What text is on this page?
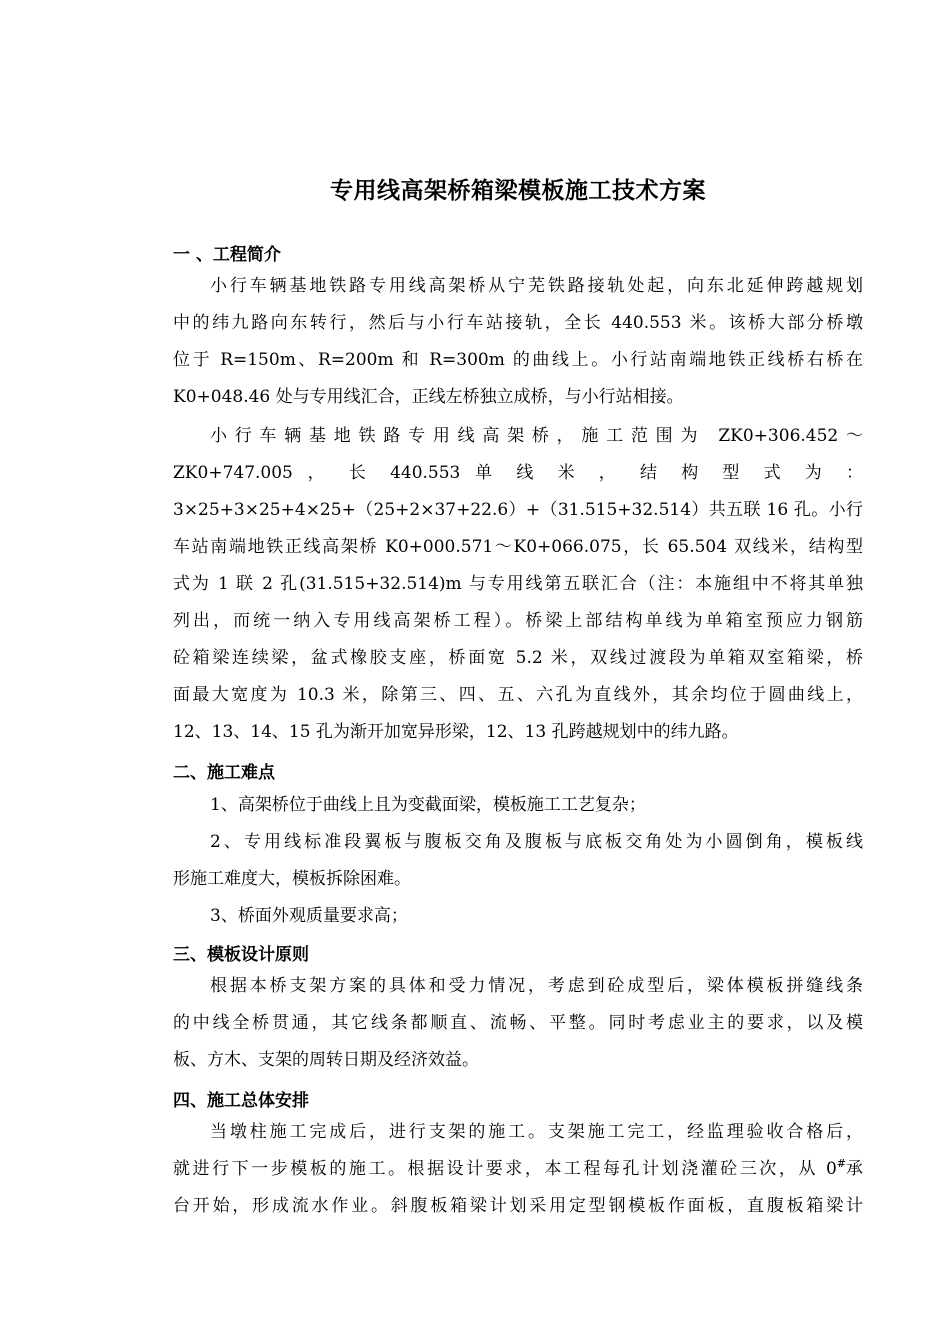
专用线高架桥箱梁模板施工技术方案
一 、工程简介
小行车辆基地铁路专用线高架桥从宁芜铁路接轨处起，向东北延伸跨越规划
中的纬九路向东转行，然后与小行车站接轨，全长 440.553 米。该桥大部分桥墩
位于 R=150m、R=200m 和 R=300m 的曲线上。小行站南端地铁正线桥右桥在
K0+048.46 处与专用线汇合，正线左桥独立成桥，与小行站相接。
小行车辆基地铁路专用线高架桥，施工范围为 ZK0+306.452～
ZK0+747.005 ， 长 440.553 单 线 米 ， 结 构 型 式 为 ：
3×25+3×25+4×25+（25+2×37+22.6）+（31.515+32.514）共五联 16 孔。小行
车站南端地铁正线高架桥 K0+000.571～K0+066.075，长 65.504 双线米，结构型
式为 1 联 2 孔(31.515+32.514)m 与专用线第五联汇合（注：本施组中不将其单独
列出，而统一纳入专用线高架桥工程）。桥梁上部结构单线为单箱室预应力钢筋
砼箱梁连续梁，盆式橡胶支座，桥面宽 5.2 米，双线过渡段为单箱双室箱梁，桥
面最大宽度为 10.3 米，除第三、四、五、六孔为直线外，其余均位于圆曲线上，
12、13、14、15 孔为渐开加宽异形梁，12、13 孔跨越规划中的纬九路。
二、施工难点
1、高架桥位于曲线上且为变截面梁，模板施工工艺复杂；
2、专用线标准段翼板与腹板交角及腹板与底板交角处为小圆倒角，模板线
形施工难度大，模板拆除困难。
3、桥面外观质量要求高；
三、模板设计原则
根据本桥支架方案的具体和受力情况，考虑到砼成型后，梁体模板拼缝线条
的中线全桥贯通，其它线条都顺直、流畅、平整。同时考虑业主的要求，以及模
板、方木、支架的周转日期及经济效益。
四、施工总体安排
当墩柱施工完成后，进行支架的施工。支架施工完工，经监理验收合格后，
就进行下一步模板的施工。根据设计要求，本工程每孔计划浇灌砼三次，从 0# 承
台开始，形成流水作业。斜腹板箱梁计划采用定型钢模板作面板，直腹板箱梁计
